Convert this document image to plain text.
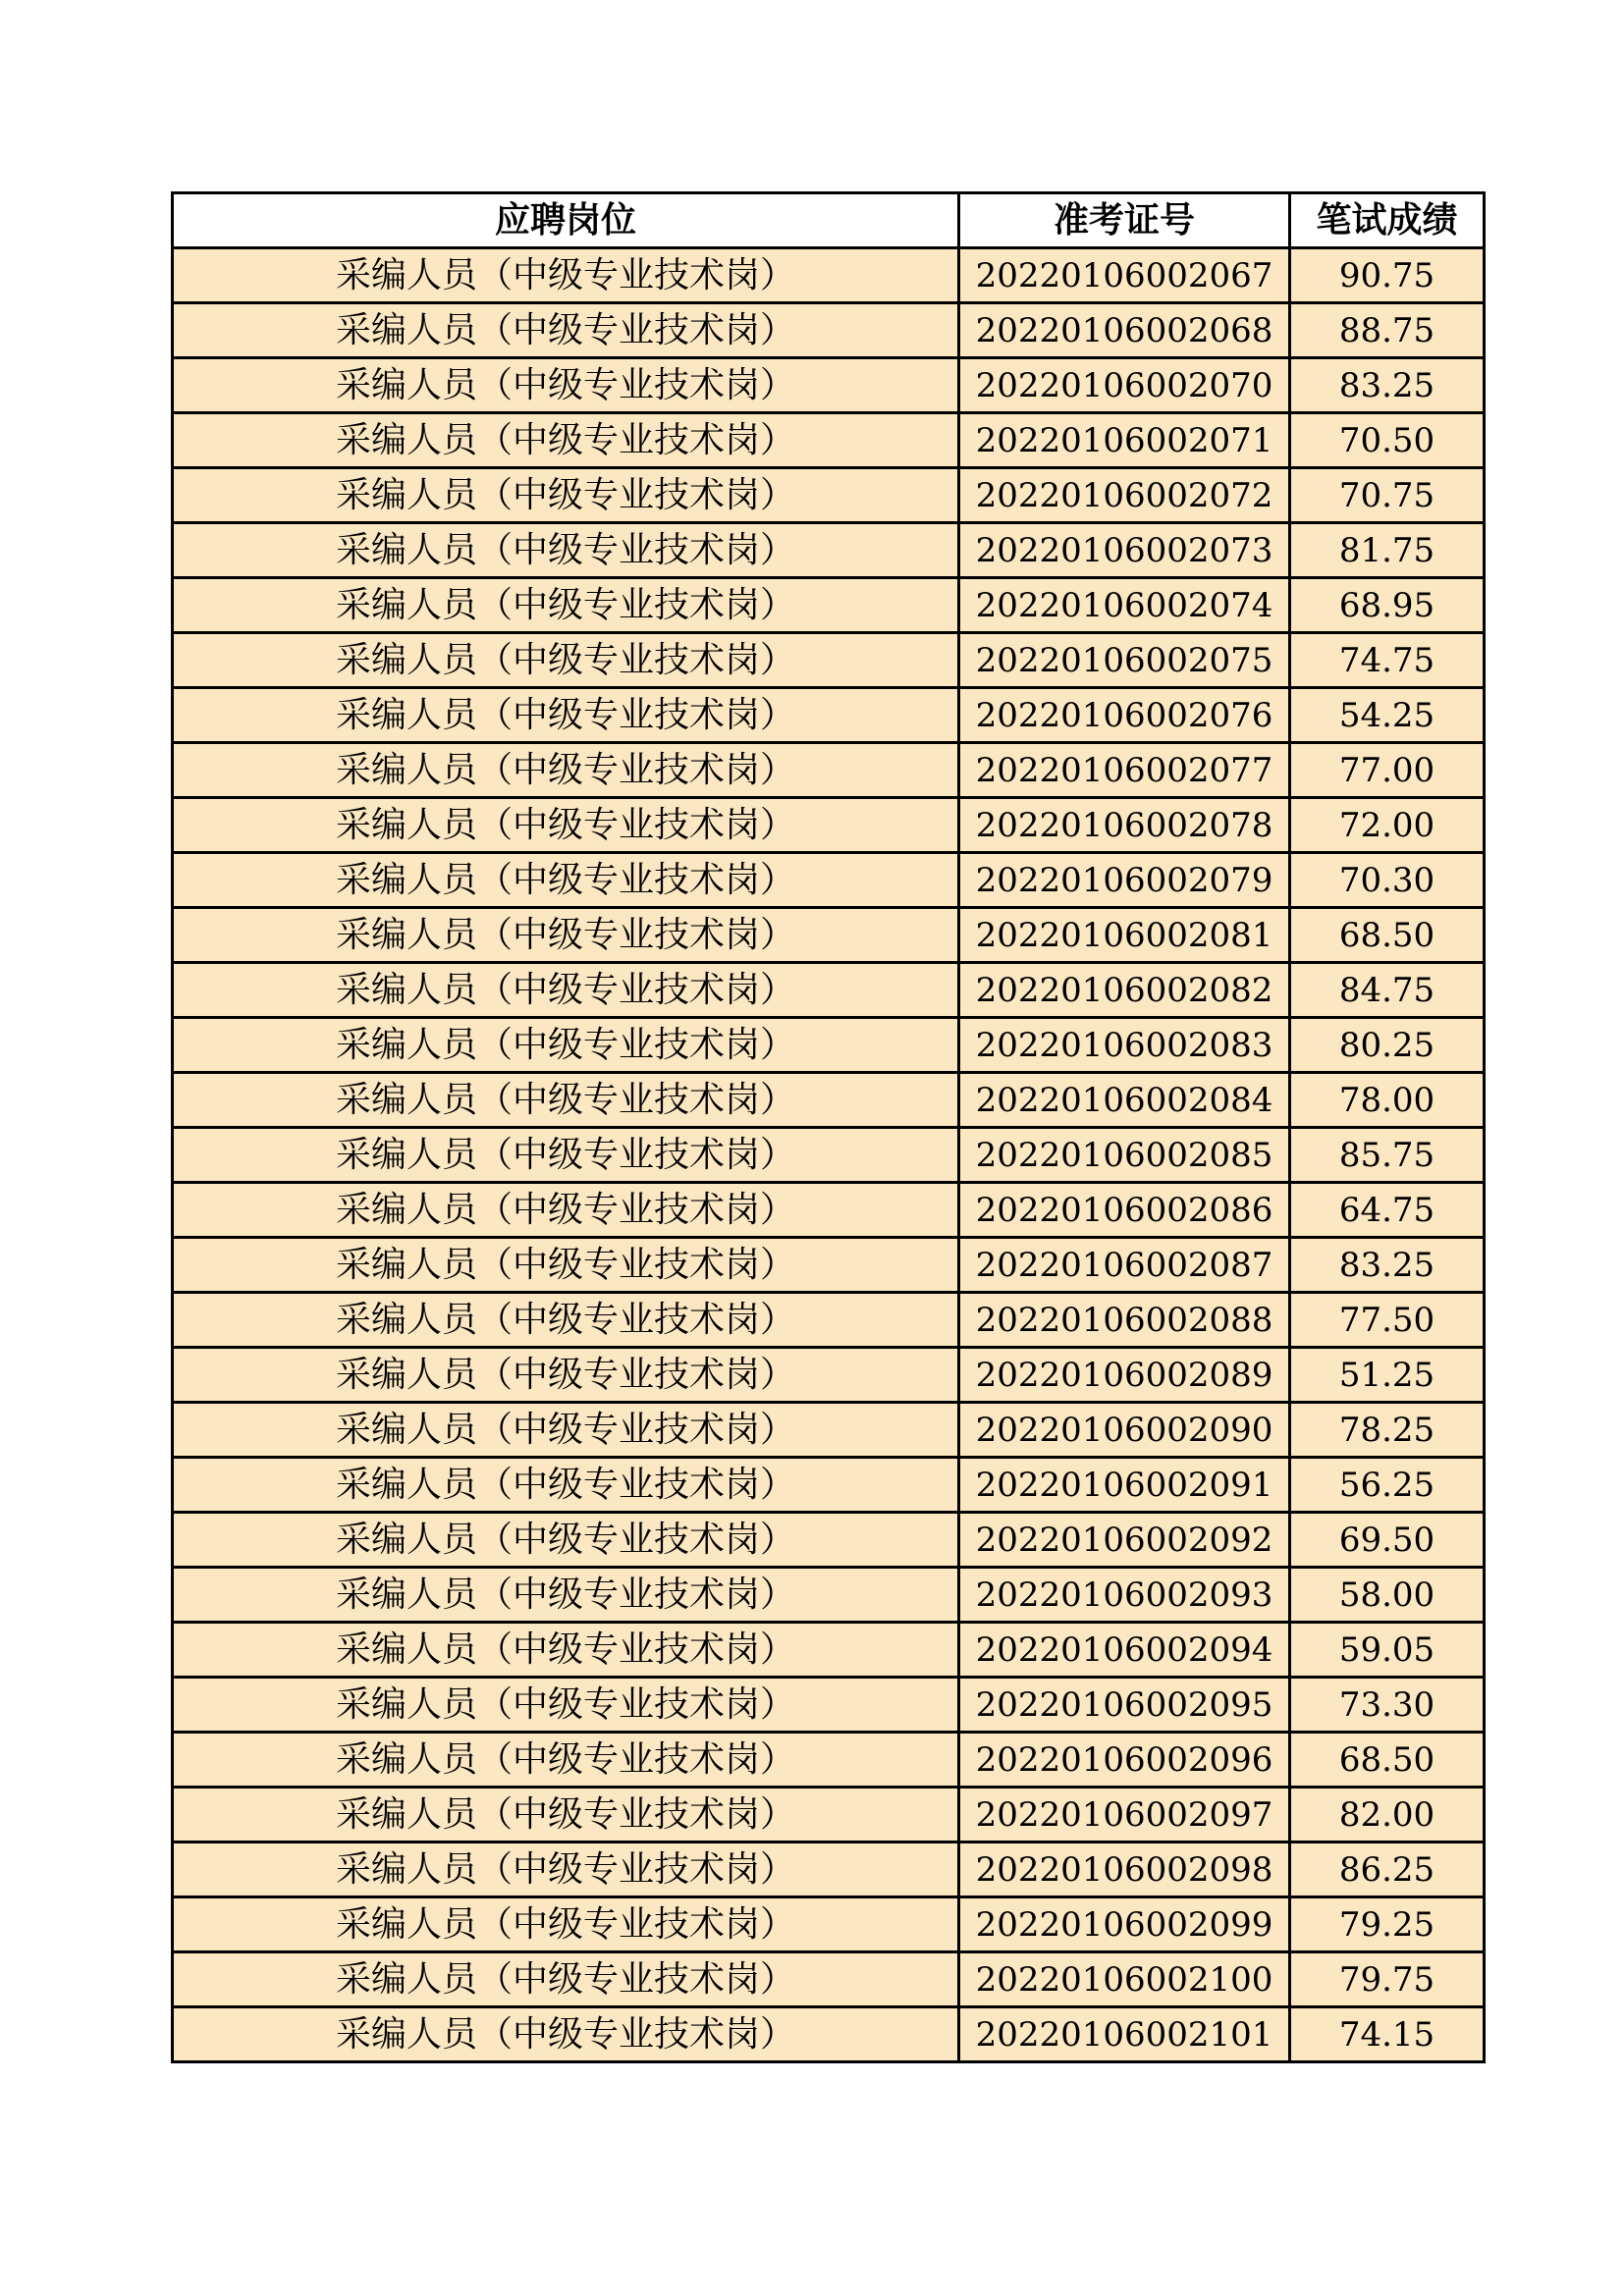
应聘岗位	准考证号	笔试成绩
采编人员（中级专业技术岗）	20220106002067	90.75
采编人员（中级专业技术岗）	20220106002068	88.75
采编人员（中级专业技术岗）	20220106002070	83.25
采编人员（中级专业技术岗）	20220106002071	70.50
采编人员（中级专业技术岗）	20220106002072	70.75
采编人员（中级专业技术岗）	20220106002073	81.75
采编人员（中级专业技术岗）	20220106002074	68.95
采编人员（中级专业技术岗）	20220106002075	74.75
采编人员（中级专业技术岗）	20220106002076	54.25
采编人员（中级专业技术岗）	20220106002077	77.00
采编人员（中级专业技术岗）	20220106002078	72.00
采编人员（中级专业技术岗）	20220106002079	70.30
采编人员（中级专业技术岗）	20220106002081	68.50
采编人员（中级专业技术岗）	20220106002082	84.75
采编人员（中级专业技术岗）	20220106002083	80.25
采编人员（中级专业技术岗）	20220106002084	78.00
采编人员（中级专业技术岗）	20220106002085	85.75
采编人员（中级专业技术岗）	20220106002086	64.75
采编人员（中级专业技术岗）	20220106002087	83.25
采编人员（中级专业技术岗）	20220106002088	77.50
采编人员（中级专业技术岗）	20220106002089	51.25
采编人员（中级专业技术岗）	20220106002090	78.25
采编人员（中级专业技术岗）	20220106002091	56.25
采编人员（中级专业技术岗）	20220106002092	69.50
采编人员（中级专业技术岗）	20220106002093	58.00
采编人员（中级专业技术岗）	20220106002094	59.05
采编人员（中级专业技术岗）	20220106002095	73.30
采编人员（中级专业技术岗）	20220106002096	68.50
采编人员（中级专业技术岗）	20220106002097	82.00
采编人员（中级专业技术岗）	20220106002098	86.25
采编人员（中级专业技术岗）	20220106002099	79.25
采编人员（中级专业技术岗）	20220106002100	79.75
采编人员（中级专业技术岗）	20220106002101	74.15
